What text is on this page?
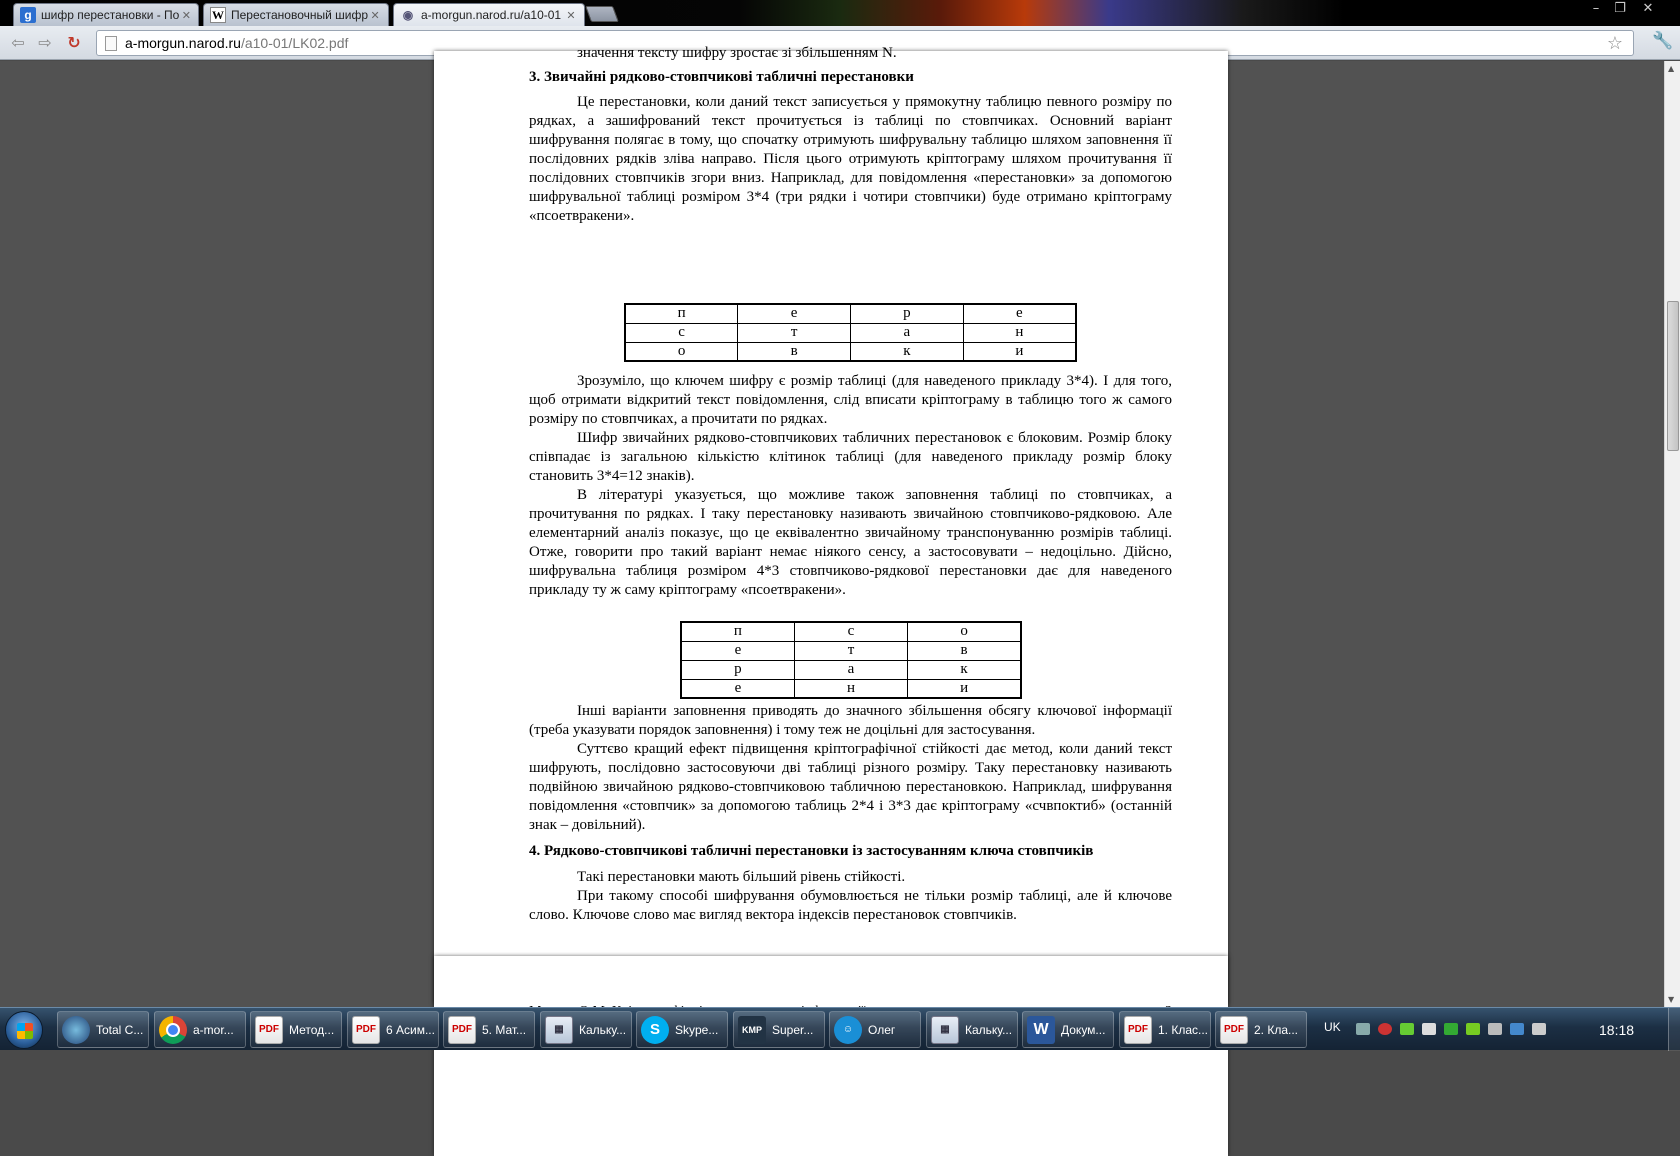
g шифр перестановки - По ✕ W Перестановочный шифр ✕ ◉ a-morgun.narod.ru/a10-01 ✕	–	❐	✕
⇦ ⇨ ↻	a-morgun.narod.ru /a10-01/LK02.pdf	☆ 🔧

значення тексту шифру зростає зі збільшенням N.

3. Звичайні рядково-стовпчикові табличні перестановки

Це перестановки, коли даний текст записується у прямокутну таблицю певного розміру по рядках, а зашифрований текст прочитується із таблиці по стовпчиках. Основний варіант шифрування полягає в тому, що спочатку отримують шифрувальну таблицю шляхом заповнення її послідовних рядків зліва направо. Після цього отримують кріптограму шляхом прочитування її послідовних стовпчиків згори вниз. Наприклад, для повідомлення «перестановки» за допомогою шифрувальної таблиці розміром 3*4 (три рядки і чотири стовпчики) буде отримано кріптограму «псоетвракени».

п	е	р	е
с	т	а	н
о	в	к	и

Зрозуміло, що ключем шифру є розмір таблиці (для наведеного прикладу 3*4). І для того, щоб отримати відкритий текст повідомлення, слід вписати кріптограму в таблицю того ж самого розміру по стовпчиках, а прочитати по рядках.

Шифр звичайних рядково-стовпчикових табличних перестановок є блоковим. Розмір блоку співпадає із загальною кількістю клітинок таблиці (для наведеного прикладу розмір блоку становить 3*4=12 знаків).

В літературі указується, що можливе також заповнення таблиці по стовпчиках, а прочитування по рядках. І таку перестановку називають звичайною стовпчиково-рядковою. Але елементарний аналіз показує, що це еквівалентно звичайному транспонуванню розмірів таблиці. Отже, говорити про такий варіант немає ніякого сенсу, а застосовувати – недоцільно. Дійсно, шифрувальна таблиця розміром 4*3 стовпчиково-рядкової перестановки дає для наведеного прикладу ту ж саму кріптограму «псоетвракени».

п	с	о
е	т	в
р	а	к
е	н	и

Інші варіанти заповнення приводять до значного збільшення обсягу ключової інформації (треба указувати порядок заповнення) і тому теж не доцільні для застосування.

Суттєво кращий ефект підвищення кріптографічної стійкості дає метод, коли даний текст шифрують, послідовно застосовуючи дві таблиці різного розміру. Таку перестановку називають подвійною звичайною рядково-стовпчиковою табличною перестановкою. Наприклад, шифрування повідомлення «стовпчик» за допомогою таблиць 2*4 і 3*3 дає кріптограму «счвпоктиб» (останній знак – довільний).

4. Рядково-стовпчикові табличні перестановки із застосуванням ключа стовпчиків

Такі перестановки мають більший рівень стійкості.

При такому способі шифрування обумовлюється не тільки розмір таблиці, але й ключове слово. Ключове слово має вигляд вектора індексів перестановок стовпчиків.

▲
▼
Total C...	a-mor...	PDF Метод...	PDF 6 Асим...	PDF 5. Мат...	▦	Кальку...	S	Skype...	KMP Super...	☺	Олег	▦	Кальку...	W	Докум...	PDF 1. Клас...	PDF 2. Кла... UK	18:18
